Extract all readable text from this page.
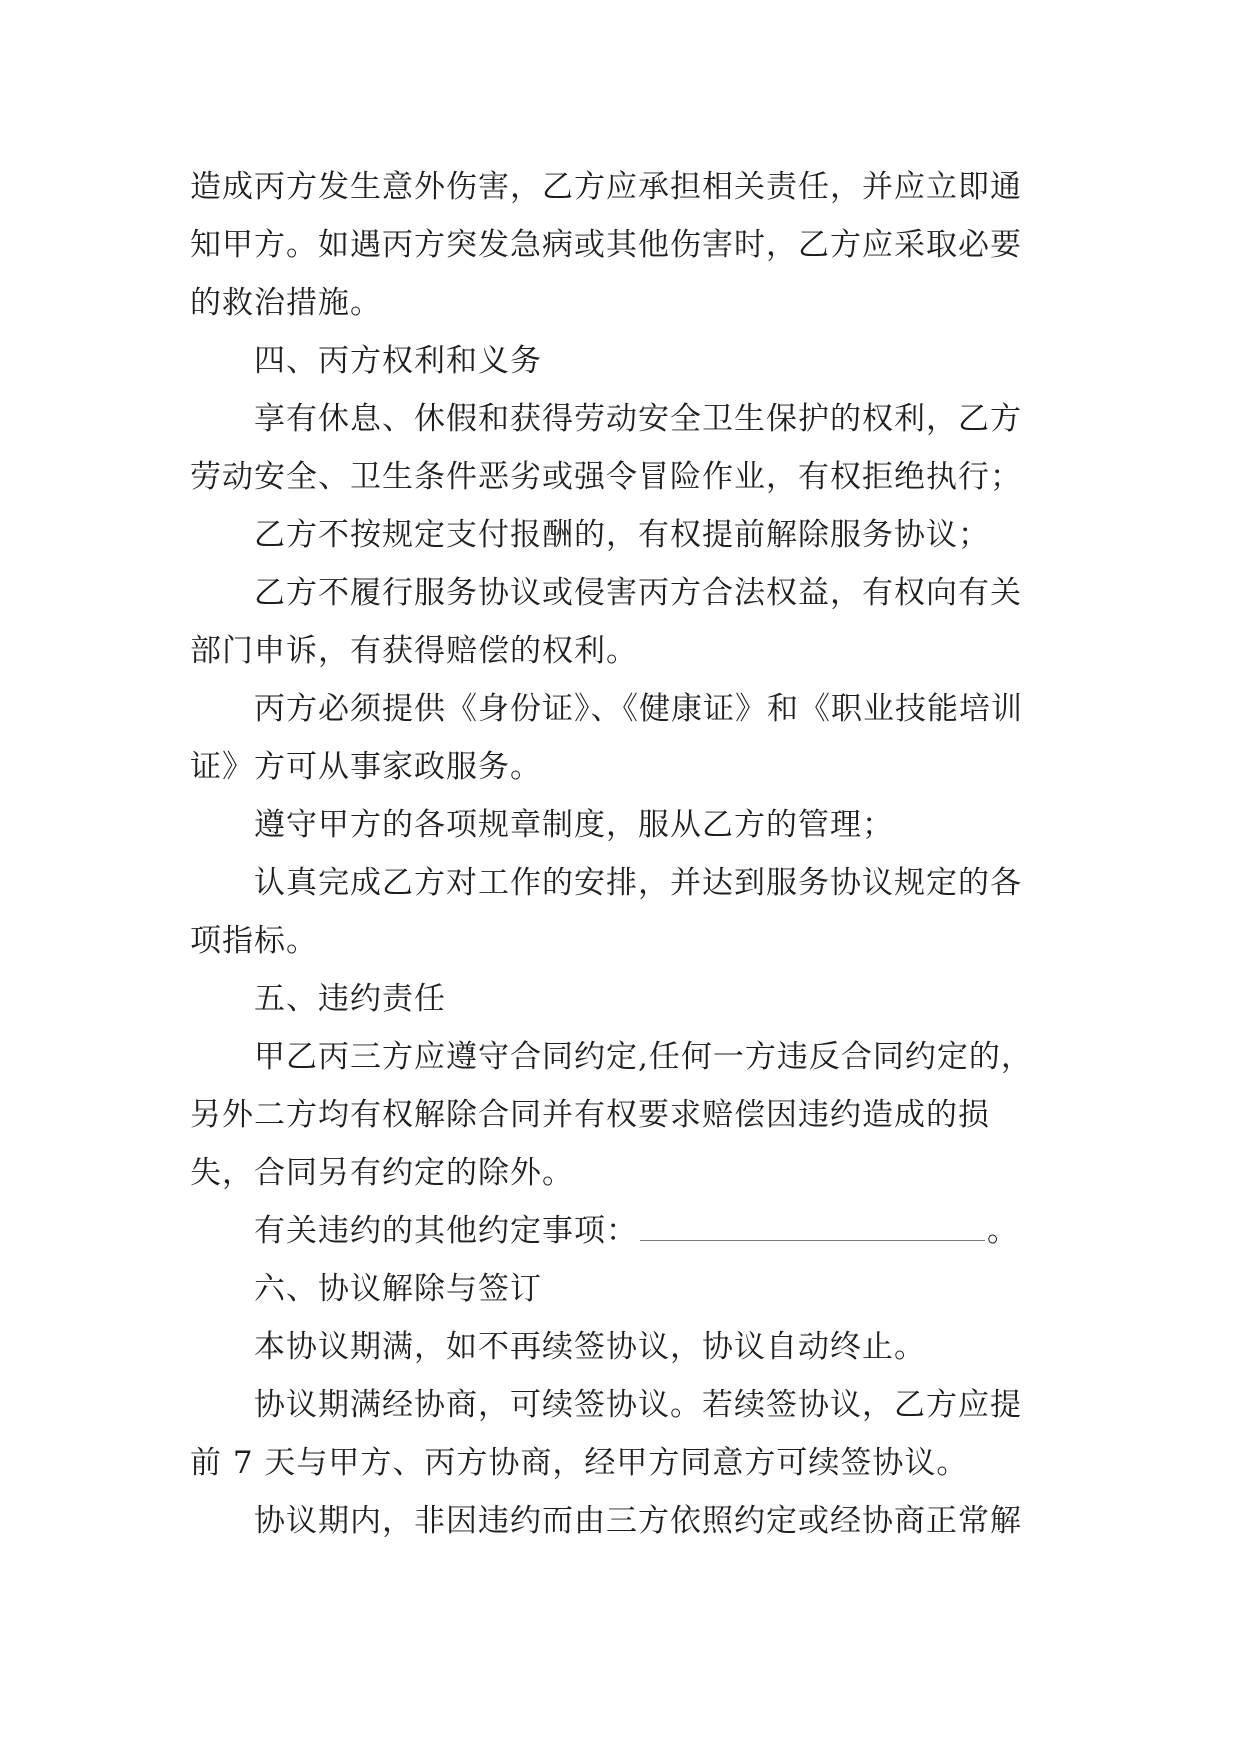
造成丙方发生意外伤害，乙方应承担相关责任，并应立即通
知甲方。如遇丙方突发急病或其他伤害时，乙方应采取必要
的救治措施。
四、丙方权利和义务
享有休息、休假和获得劳动安全卫生保护的权利，乙方
劳动安全、卫生条件恶劣或强令冒险作业，有权拒绝执行；
乙方不按规定支付报酬的，有权提前解除服务协议；
乙方不履行服务协议或侵害丙方合法权益，有权向有关
部门申诉，有获得赔偿的权利。
丙方必须提供《身份证》、《健康证》和《职业技能培训
证》方可从事家政服务。
遵守甲方的各项规章制度，服从乙方的管理；
认真完成乙方对工作的安排，并达到服务协议规定的各
项指标。
五、违约责任
甲乙丙三方应遵守合同约定,任何一方违反合同约定的，
另外二方均有权解除合同并有权要求赔偿因违约造成的损
失，合同另有约定的除外。
有关违约的其他约定事项：	。
六、协议解除与签订
本协议期满，如不再续签协议，协议自动终止。
协议期满经协商，可续签协议。若续签协议，乙方应提
前 7 天与甲方、丙方协商，经甲方同意方可续签协议。
协议期内，非因违约而由三方依照约定或经协商正常解
